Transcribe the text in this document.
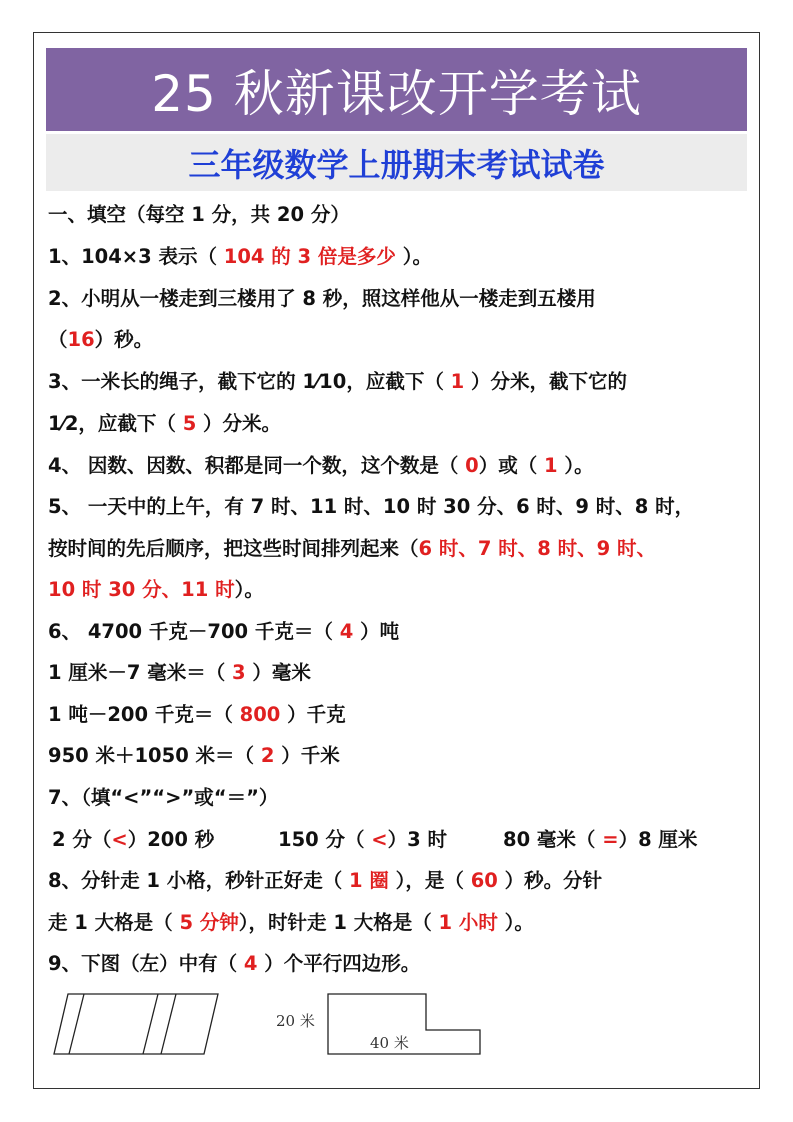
25 秋新课改开学考试
三年级数学上册期末考试试卷
一、填空（每空 1 分，共 20 分）
1、104×3 表示（ 104 的 3 倍是多少 ）。
2、小明从一楼走到三楼用了 8 秒，照这样他从一楼走到五楼用
（16）秒。
3、一米长的绳子，截下它的 1⁄10，应截下（ 1 ）分米，截下它的
1⁄2，应截下（ 5 ）分米。
4、 因数、因数、积都是同一个数，这个数是（ 0）或（ 1 ）。
5、 一天中的上午，有 7 时、11 时、10 时 30 分、6 时、9 时、8 时，
按时间的先后顺序，把这些时间排列起来（6 时、7 时、8 时、9 时、
10 时 30 分、11 时）。
6、 4700 千克－700 千克＝（ 4 ）吨
1 厘米－7 毫米＝（ 3 ）毫米
1 吨－200 千克＝（ 800 ）千克
950 米＋1050 米＝（ 2 ）千米
7、（填“<”“>”或“＝”）
2 分（<）200 秒	150 分（ <）3 时	80 毫米（ =）8 厘米
8、分针走 1 小格，秒针正好走（ 1 圈 ），是（ 60 ）秒。分针
走 1 大格是（ 5 分钟），时针走 1 大格是（ 1 小时 ）。
9、下图（左）中有（ 4 ）个平行四边形。
20 米
40 米
